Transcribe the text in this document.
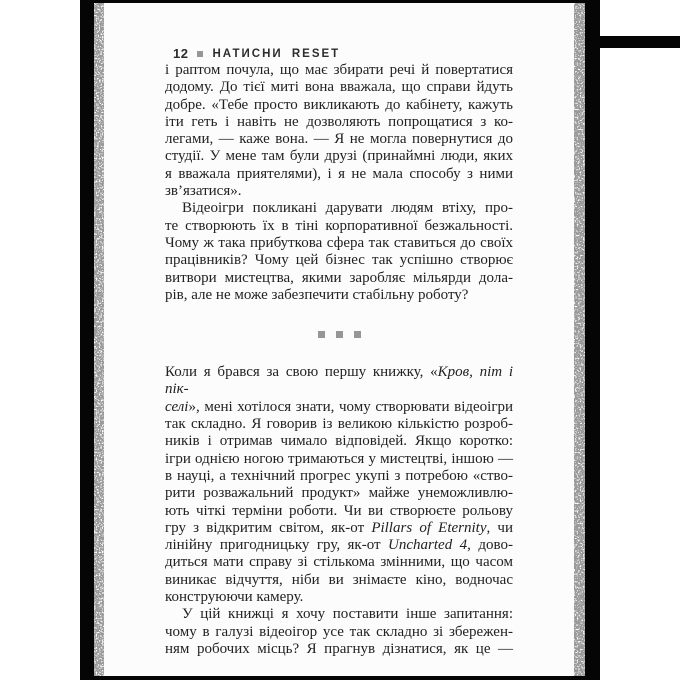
12 НАТИСНИ RESET
і раптом почула, що має збирати речі й повертатися
додому. До тієї миті вона вважала, що справи йдуть
добре. «Тебе просто викликають до кабінету, кажуть
іти геть і навіть не дозволяють попрощатися з ко-
легами, — каже вона. — Я не могла повернутися до
студії. У мене там були друзі (принаймні люди, яких
я вважала приятелями), і я не мала способу з ними
зв’язатися».
Відеоігри покликані дарувати людям втіху, про-
те створюють їх в тіні корпоративної безжальності.
Чому ж така прибуткова сфера так ставиться до своїх
працівників? Чому цей бізнес так успішно створює
витвори мистецтва, якими заробляє мільярди дола-
рів, але не може забезпечити стабільну роботу?
Коли я брався за свою першу книжку, «Кров, піт і пік-
селі», мені хотілося знати, чому створювати відеоігри
так складно. Я говорив із великою кількістю розроб-
ників і отримав чимало відповідей. Якщо коротко:
ігри однією ногою тримаються у мистецтві, іншою —
в науці, а технічний прогрес укупі з потребою «ство-
рити розважальний продукт» майже унеможливлю-
ють чіткі терміни роботи. Чи ви створюєте рольову
гру з відкритим світом, як-от Pillars of Eternity, чи
лінійну пригодницьку гру, як-от Uncharted 4, дово-
диться мати справу зі стількома змінними, що часом
виникає відчуття, ніби ви знімаєте кіно, водночас
конструюючи камеру.
У цій книжці я хочу поставити інше запитання:
чому в галузі відеоігор усе так складно зі збережен-
ням робочих місць? Я прагнув дізнатися, як це —
